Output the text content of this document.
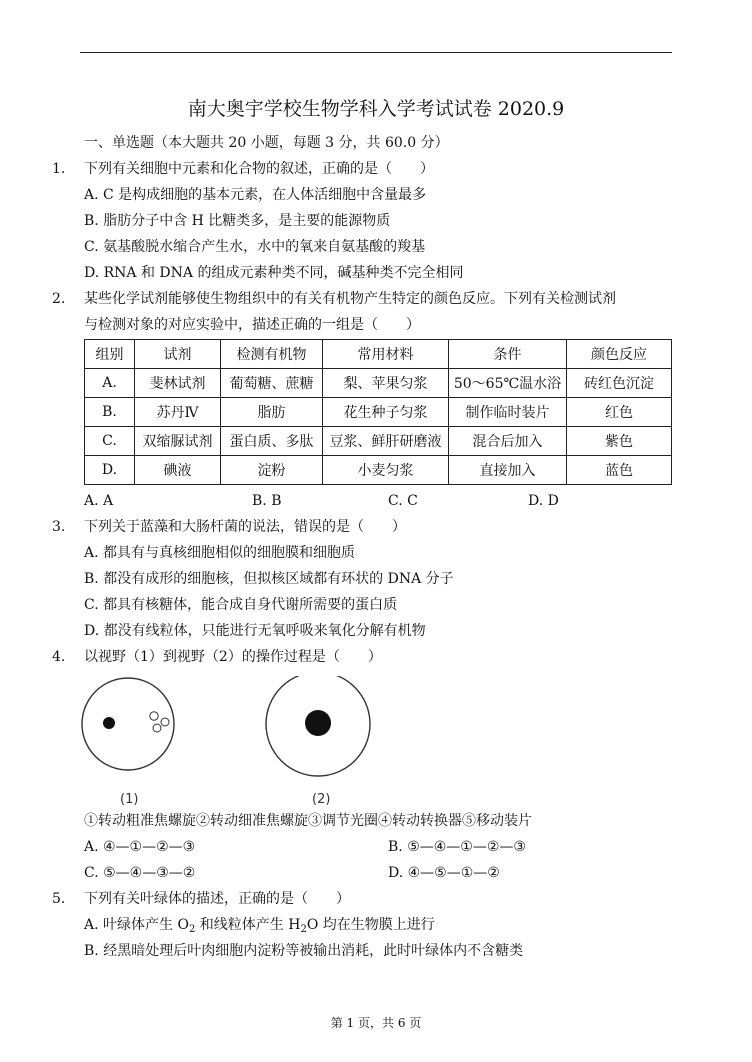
南大奥宇学校生物学科入学考试试卷 2020.9
一、单选题（本大题共 20 小题，每题 3 分，共 60.0 分）
1. 下列有关细胞中元素和化合物的叙述，正确的是（　　）
A. C 是构成细胞的基本元素，在人体活细胞中含量最多
B. 脂肪分子中含 H 比糖类多，是主要的能源物质
C. 氨基酸脱水缩合产生水，水中的氧来自氨基酸的羧基
D. RNA 和 DNA 的组成元素种类不同，碱基种类不完全相同
2. 某些化学试剂能够使生物组织中的有关有机物产生特定的颜色反应。下列有关检测试剂
与检测对象的对应实验中，描述正确的一组是（　　）
组别	试剂	检测有机物	常用材料	条件	颜色反应
A.	斐林试剂	葡萄糖、蔗糖	梨、苹果匀浆	50～65℃温水浴	砖红色沉淀
B.	苏丹Ⅳ	脂肪	花生种子匀浆	制作临时装片	红色
C.	双缩脲试剂	蛋白质、多肽	豆浆、鲜肝研磨液	混合后加入	紫色
D.	碘液	淀粉	小麦匀浆	直接加入	蓝色
A. A	B. B	C. C	D. D
3. 下列关于蓝藻和大肠杆菌的说法，错误的是（　　）
A. 都具有与真核细胞相似的细胞膜和细胞质
B. 都没有成形的细胞核，但拟核区域都有环状的 DNA 分子
C. 都具有核糖体，能合成自身代谢所需要的蛋白质
D. 都没有线粒体，只能进行无氧呼吸来氧化分解有机物
4. 以视野（1）到视野（2）的操作过程是（　　）
(1)	(2)
①转动粗准焦螺旋②转动细准焦螺旋③调节光圈④转动转换器⑤移动装片
A. ④—①—②—③	B. ⑤—④—①—②—③
C. ⑤—④—③—②	D. ④—⑤—①—②
5. 下列有关叶绿体的描述，正确的是（　　）
A. 叶绿体产生 $O_2$ 和线粒体产生 $H_2O$ 均在生物膜上进行
B. 经黑暗处理后叶肉细胞内淀粉等被输出消耗，此时叶绿体内不含糖类
第 1 页，共 6 页
